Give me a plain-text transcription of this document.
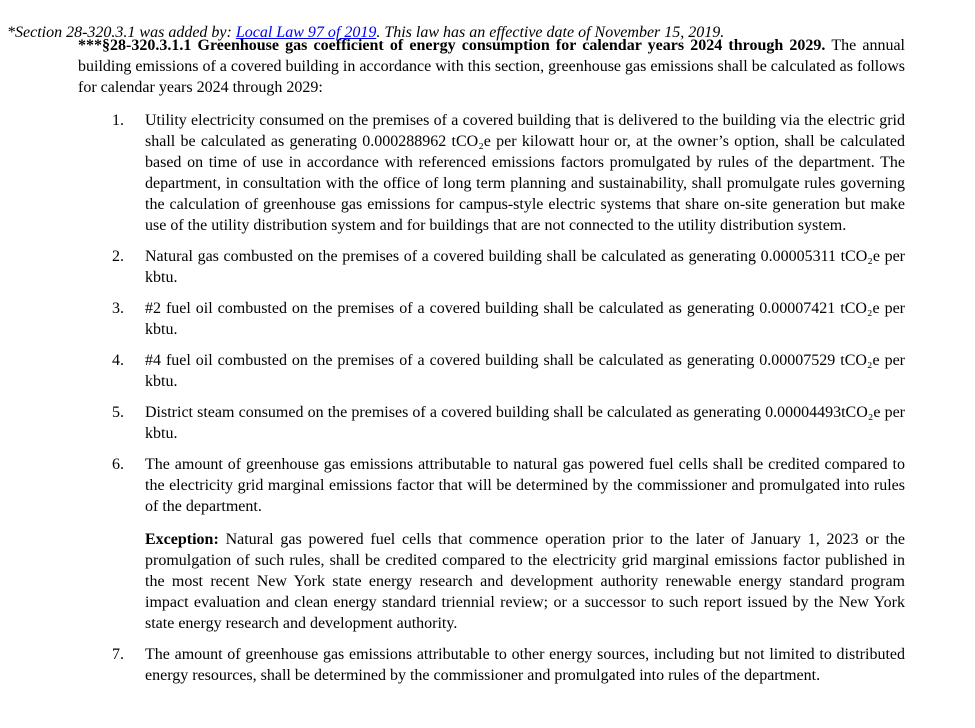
*Section 28-320.3.1 was added by: Local Law 97 of 2019. This law has an effective date of November 15, 2019.

***§28-320.3.1.1 Greenhouse gas coefficient of energy consumption for calendar years 2024 through 2029. The annual building emissions of a covered building in accordance with this section, greenhouse gas emissions shall be calculated as follows for calendar years 2024 through 2029:

1.	Utility electricity consumed on the premises of a covered building that is delivered to the building via the electric grid shall be calculated as generating 0.000288962 tCO₂e per kilowatt hour or, at the owner’s option, shall be calculated based on time of use in accordance with referenced emissions factors promulgated by rules of the department. The department, in consultation with the office of long term planning and sustainability, shall promulgate rules governing the calculation of greenhouse gas emissions for campus-style electric systems that share on-site generation but make use of the utility distribution system and for buildings that are not connected to the utility distribution system.
2.	Natural gas combusted on the premises of a covered building shall be calculated as generating 0.00005311 tCO₂e per kbtu.
3.	#2 fuel oil combusted on the premises of a covered building shall be calculated as generating 0.00007421 tCO₂e per kbtu.
4.	#4 fuel oil combusted on the premises of a covered building shall be calculated as generating 0.00007529 tCO₂e per kbtu.
5.	District steam consumed on the premises of a covered building shall be calculated as generating 0.00004493tCO₂e per kbtu.
6.	The amount of greenhouse gas emissions attributable to natural gas powered fuel cells shall be credited compared to the electricity grid marginal emissions factor that will be determined by the commissioner and promulgated into rules of the department.
Exception: Natural gas powered fuel cells that commence operation prior to the later of January 1, 2023 or the promulgation of such rules, shall be credited compared to the electricity grid marginal emissions factor published in the most recent New York state energy research and development authority renewable energy standard program impact evaluation and clean energy standard triennial review; or a successor to such report issued by the New York state energy research and development authority.
7.	The amount of greenhouse gas emissions attributable to other energy sources, including but not limited to distributed energy resources, shall be determined by the commissioner and promulgated into rules of the department.
